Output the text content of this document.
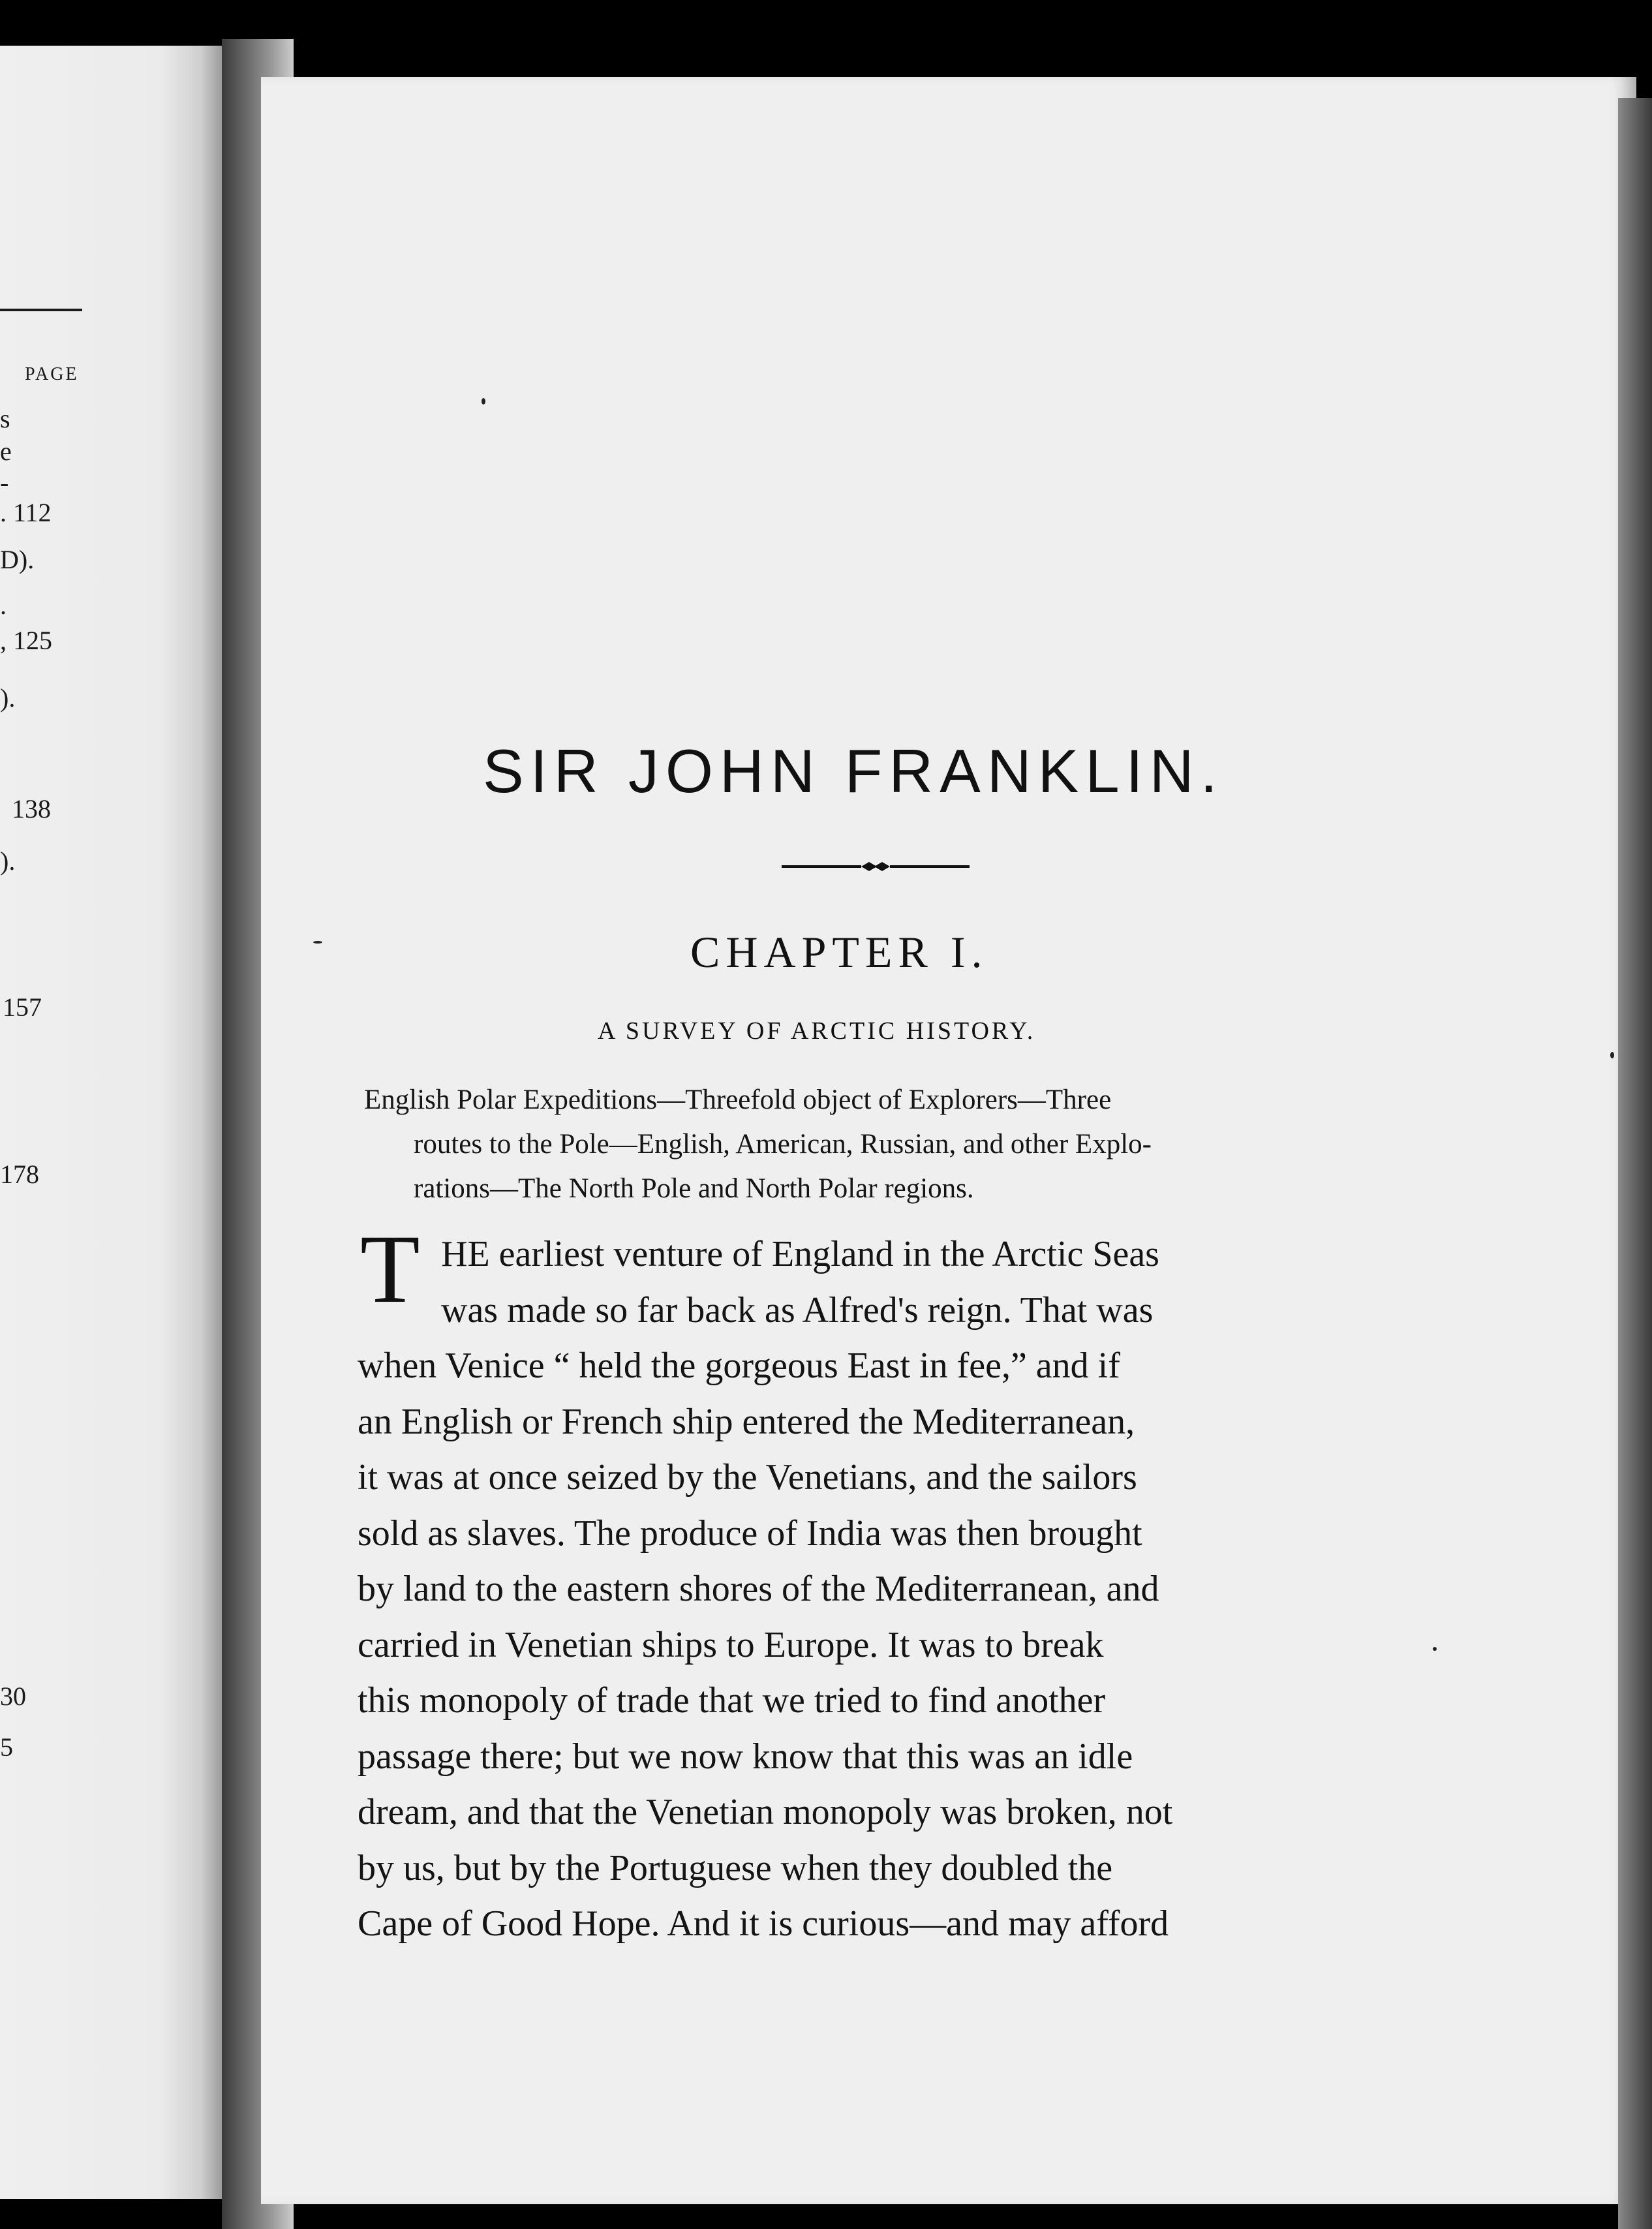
PAGE
s
e
-
. 112
D).
.
, 125
).
138
).
157
178
30
5
SIR JOHN FRANKLIN.
CHAPTER I.
A SURVEY OF ARCTIC HISTORY.
English Polar Expeditions—Threefold object of Explorers—Three
routes to the Pole—English, American, Russian, and other Explo-
rations—The North Pole and North Polar regions.
T HE earliest venture of England in the Arctic Seas
was made so far back as Alfred's reign. That was
when Venice “ held the gorgeous East in fee,” and if
an English or French ship entered the Mediterranean,
it was at once seized by the Venetians, and the sailors
sold as slaves. The produce of India was then brought
by land to the eastern shores of the Mediterranean, and
carried in Venetian ships to Europe. It was to break
this monopoly of trade that we tried to find another
passage there; but we now know that this was an idle
dream, and that the Venetian monopoly was broken, not
by us, but by the Portuguese when they doubled the
Cape of Good Hope. And it is curious—and may afford
